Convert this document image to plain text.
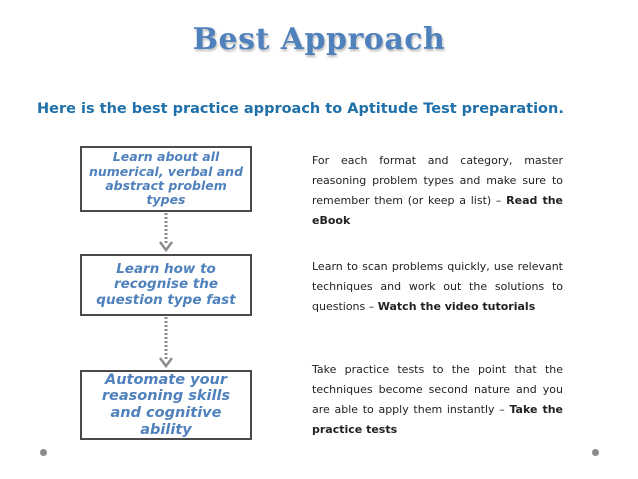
Best Approach
Here is the best practice approach to Aptitude Test preparation.
Learn about all numerical, verbal and abstract problem types
Learn how to recognise the question type fast
Automate your reasoning skills and cognitive ability
For each format and category, master reasoning problem types and make sure to remember them (or keep a list) – Read the eBook
Learn to scan problems quickly, use relevant techniques and work out the solutions to questions – Watch the video tutorials
Take practice tests to the point that the techniques become second nature and you are able to apply them instantly – Take the practice tests
